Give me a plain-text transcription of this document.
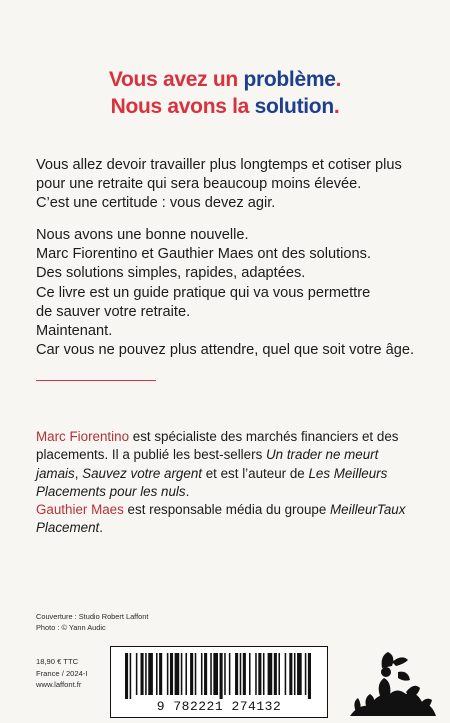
Vous avez un problème.
Nous avons la solution.

Vous allez devoir travailler plus longtemps et cotiser plus

pour une retraite qui sera beaucoup moins élevée.

C’est une certitude : vous devez agir.

Nous avons une bonne nouvelle.

Marc Fiorentino et Gauthier Maes ont des solutions.

Des solutions simples, rapides, adaptées.

Ce livre est un guide pratique qui va vous permettre

de sauver votre retraite.

Maintenant.

Car vous ne pouvez plus attendre, quel que soit votre âge.

Marc Fiorentino est spécialiste des marchés financiers et des placements. Il a publié les best-sellers Un trader ne meurt jamais, Sauvez votre argent et est l’auteur de Les Meilleurs Placements pour les nuls.

Gauthier Maes est responsable média du groupe MeilleurTaux Placement.

Couverture : Studio Robert Laffont
Photo : © Yann Audic
18,90 € TTC
France / 2024-I
www.laffont.fr
9 782221 274132
